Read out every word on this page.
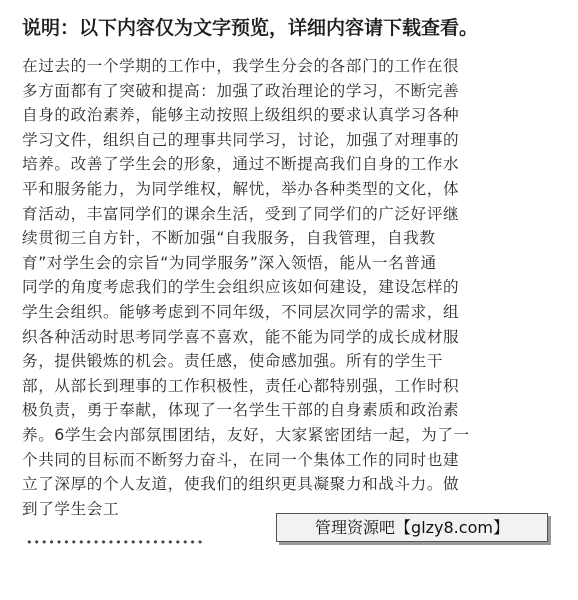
说明：以下内容仅为文字预览，详细内容请下载查看。
在过去的一个学期的工作中，我学生分会的各部门的工作在很
多方面都有了突破和提高：加强了政治理论的学习，不断完善
自身的政治素养，能够主动按照上级组织的要求认真学习各种
学习文件，组织自己的理事共同学习，讨论，加强了对理事的
培养。改善了学生会的形象，通过不断提高我们自身的工作水
平和服务能力，为同学维权，解忧，举办各种类型的文化，体
育活动，丰富同学们的课余生活，受到了同学们的广泛好评继
续贯彻三自方针，不断加强“自我服务，自我管理，自我教
育”对学生会的宗旨“为同学服务”深入领悟，能从一名普通
同学的角度考虑我们的学生会组织应该如何建设，建设怎样的
学生会组织。能够考虑到不同年级，不同层次同学的需求，组
织各种活动时思考同学喜不喜欢，能不能为同学的成长成材服
务，提供锻炼的机会。责任感，使命感加强。所有的学生干
部，从部长到理事的工作积极性，责任心都特别强，工作时积
极负责，勇于奉献，体现了一名学生干部的自身素质和政治素
养。6学生会内部氛围团结，友好，大家紧密团结一起，为了一
个共同的目标而不断努力奋斗，在同一个集体工作的同时也建
立了深厚的个人友道，使我们的组织更具凝聚力和战斗力。做
到了学生会工
••••••••••••••••••••••••
管理资源吧【glzy8.com】
